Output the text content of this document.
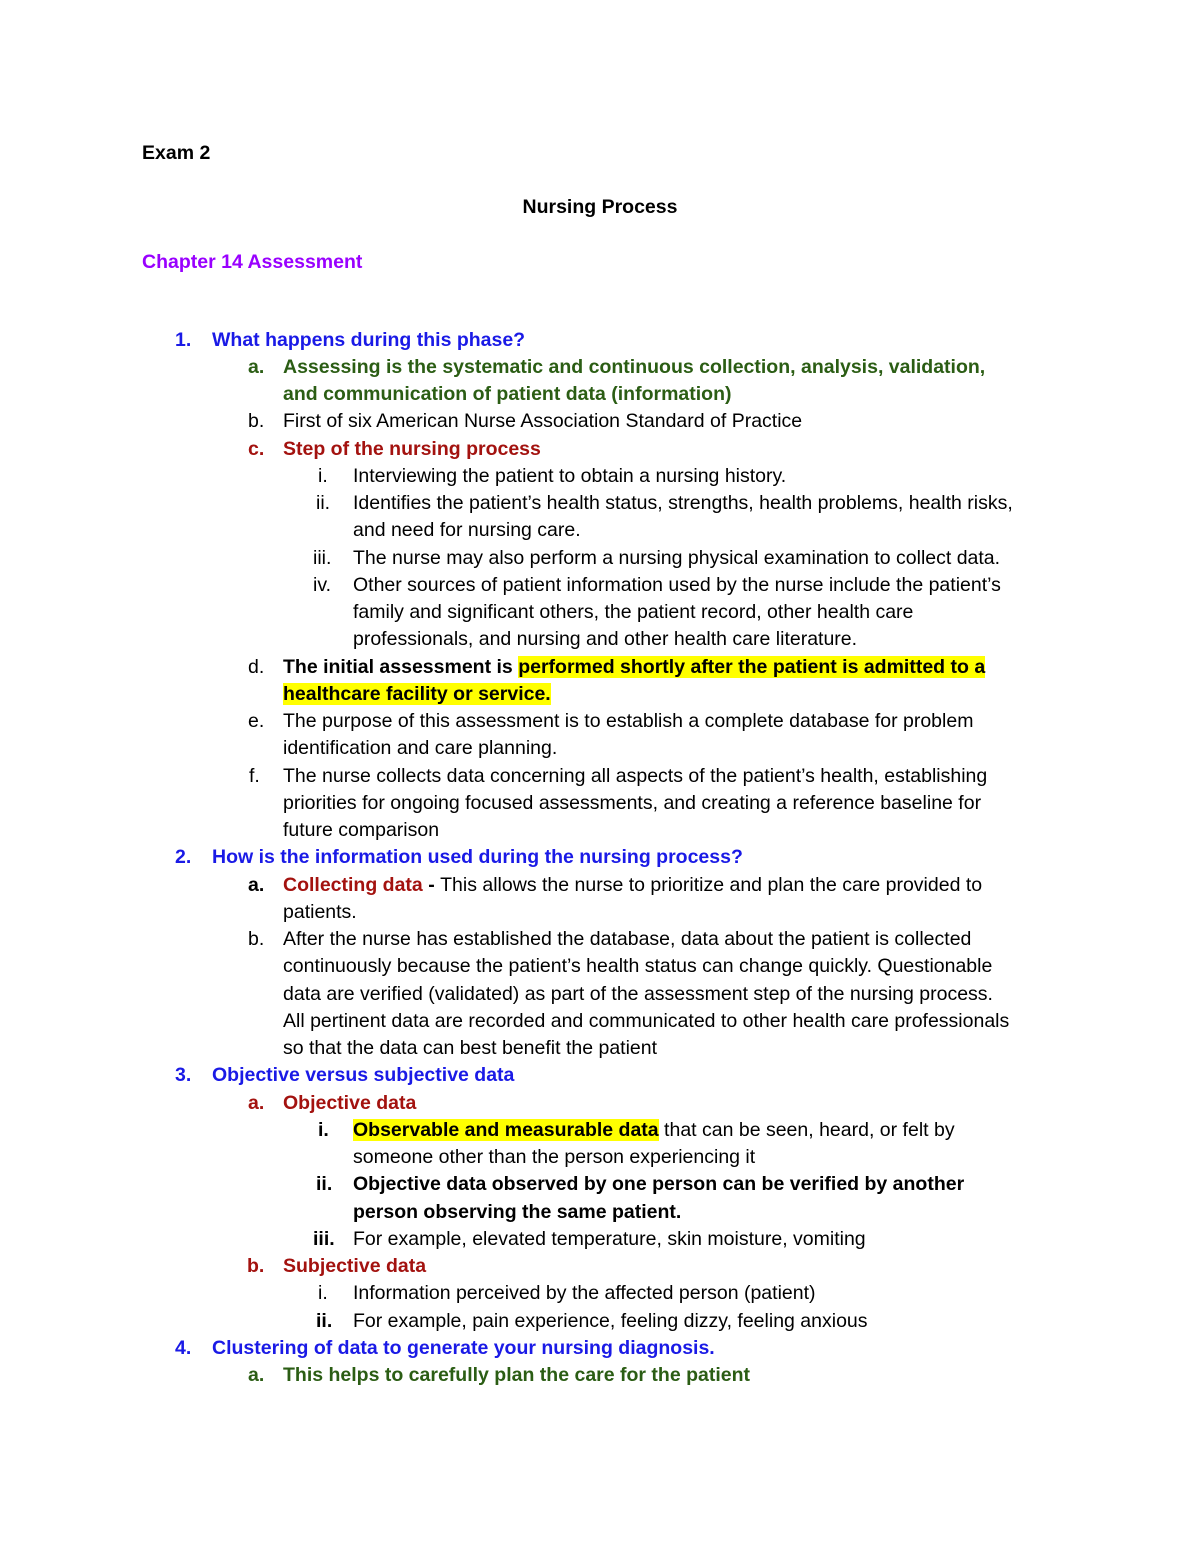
Exam 2
Nursing Process
Chapter 14 Assessment
1. What happens during this phase?
a. Assessing is the systematic and continuous collection, analysis, validation,
and communication of patient data (information)
b. First of six American Nurse Association Standard of Practice
c. Step of the nursing process
i. Interviewing the patient to obtain a nursing history.
ii. Identifies the patient’s health status, strengths, health problems, health risks,
and need for nursing care.
iii. The nurse may also perform a nursing physical examination to collect data.
iv. Other sources of patient information used by the nurse include the patient’s
family and significant others, the patient record, other health care
professionals, and nursing and other health care literature.
d. The initial assessment is performed shortly after the patient is admitted to a
healthcare facility or service.
e. The purpose of this assessment is to establish a complete database for problem
identification and care planning.
f. The nurse collects data concerning all aspects of the patient’s health, establishing
priorities for ongoing focused assessments, and creating a reference baseline for
future comparison
2. How is the information used during the nursing process?
a. Collecting data - This allows the nurse to prioritize and plan the care provided to
patients.
b. After the nurse has established the database, data about the patient is collected
continuously because the patient’s health status can change quickly. Questionable
data are verified (validated) as part of the assessment step of the nursing process.
All pertinent data are recorded and communicated to other health care professionals
so that the data can best benefit the patient
3. Objective versus subjective data
a. Objective data
i. Observable and measurable data that can be seen, heard, or felt by
someone other than the person experiencing it
ii. Objective data observed by one person can be verified by another
person observing the same patient.
iii. For example, elevated temperature, skin moisture, vomiting
b. Subjective data
i. Information perceived by the affected person (patient)
ii. For example, pain experience, feeling dizzy, feeling anxious
4. Clustering of data to generate your nursing diagnosis.
a. This helps to carefully plan the care for the patient
